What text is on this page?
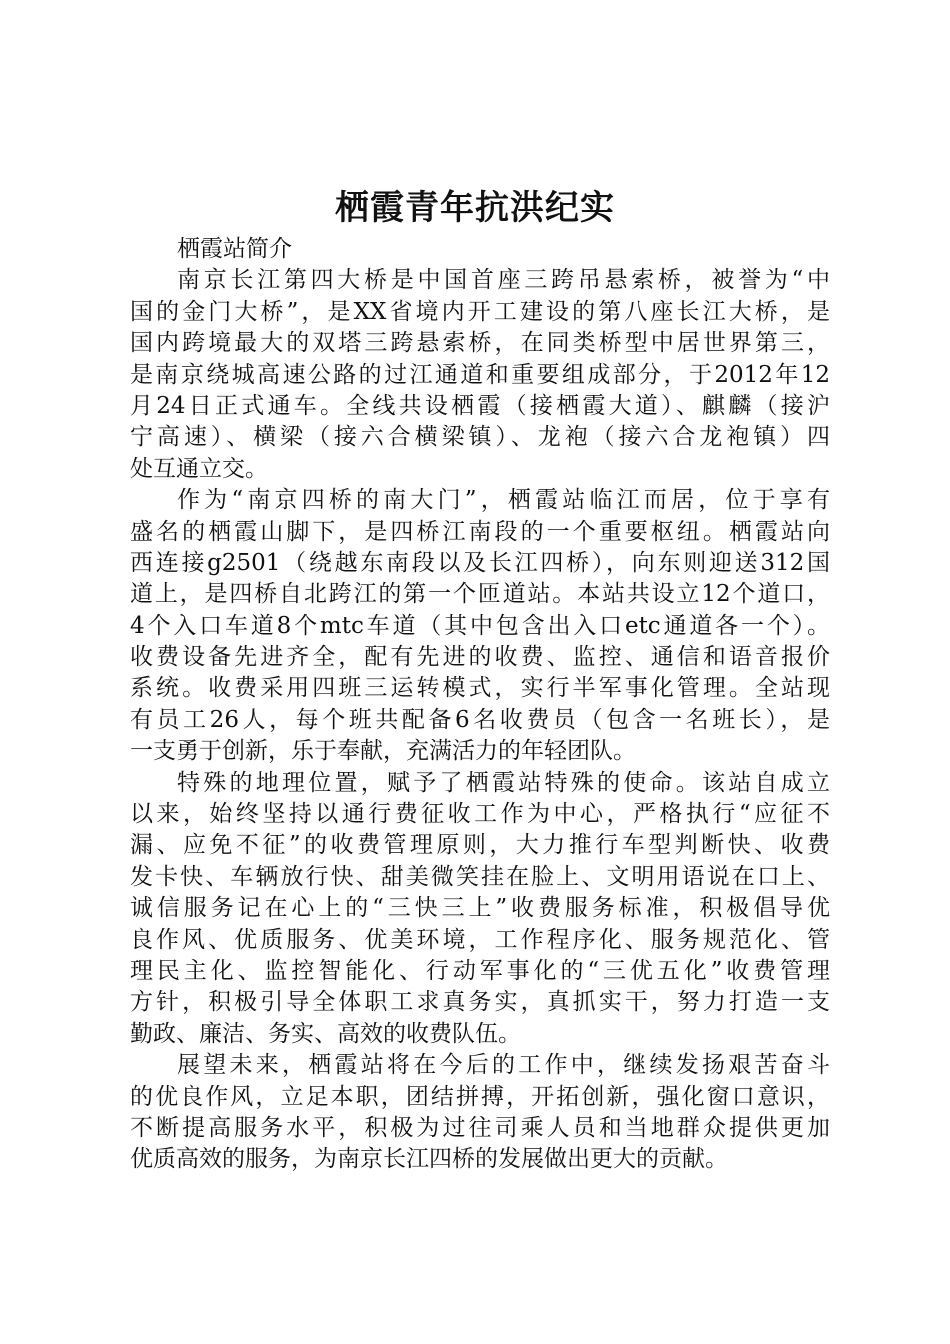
栖霞青年抗洪纪实

栖霞站简介

南京长江第四大桥是中国首座三跨吊悬索桥，被誉为“中

国的金门大桥”，是XX省境内开工建设的第八座长江大桥，是

国内跨境最大的双塔三跨悬索桥，在同类桥型中居世界第三，

是南京绕城高速公路的过江通道和重要组成部分，于2012年12

月24日正式通车。全线共设栖霞（接栖霞大道）、麒麟（接沪

宁高速）、横梁（接六合横梁镇）、龙袍（接六合龙袍镇）四

处互通立交。

作为“南京四桥的南大门”，栖霞站临江而居，位于享有

盛名的栖霞山脚下，是四桥江南段的一个重要枢纽。栖霞站向

西连接g2501（绕越东南段以及长江四桥），向东则迎送312国

道上，是四桥自北跨江的第一个匝道站。本站共设立12个道口，

4个入口车道8个mtc车道（其中包含出入口etc通道各一个）。

收费设备先进齐全，配有先进的收费、监控、通信和语音报价

系统。收费采用四班三运转模式，实行半军事化管理。全站现

有员工26人，每个班共配备6名收费员（包含一名班长），是

一支勇于创新，乐于奉献，充满活力的年轻团队。

特殊的地理位置，赋予了栖霞站特殊的使命。该站自成立

以来，始终坚持以通行费征收工作为中心，严格执行“应征不

漏、应免不征”的收费管理原则，大力推行车型判断快、收费

发卡快、车辆放行快、甜美微笑挂在脸上、文明用语说在口上、

诚信服务记在心上的“三快三上”收费服务标准，积极倡导优

良作风、优质服务、优美环境，工作程序化、服务规范化、管

理民主化、监控智能化、行动军事化的“三优五化”收费管理

方针，积极引导全体职工求真务实，真抓实干，努力打造一支

勤政、廉洁、务实、高效的收费队伍。

展望未来，栖霞站将在今后的工作中，继续发扬艰苦奋斗

的优良作风，立足本职，团结拼搏，开拓创新，强化窗口意识，

不断提高服务水平，积极为过往司乘人员和当地群众提供更加

优质高效的服务，为南京长江四桥的发展做出更大的贡献。
